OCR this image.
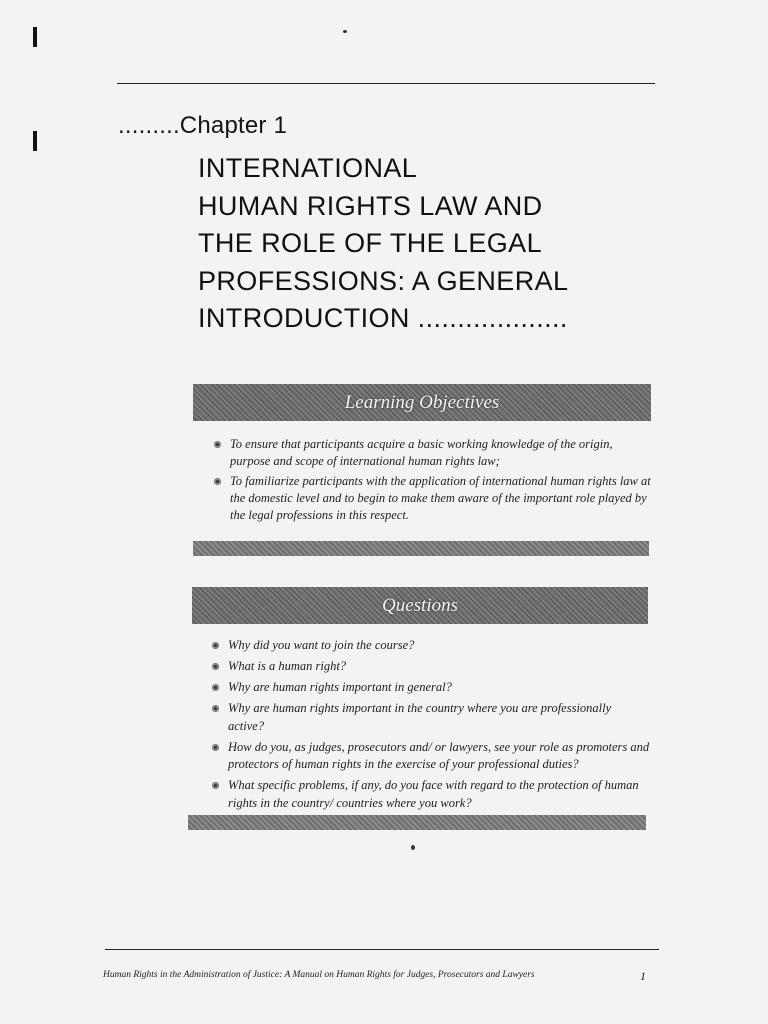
.........Chapter 1
INTERNATIONAL
HUMAN RIGHTS LAW AND
THE ROLE OF THE LEGAL
PROFESSIONS: A GENERAL
INTRODUCTION ...................
Learning Objectives
To ensure that participants acquire a basic working knowledge of the origin, purpose and scope of international human rights law;
To familiarize participants with the application of international human rights law at the domestic level and to begin to make them aware of the important role played by the legal professions in this respect.
Questions
Why did you want to join the course?
What is a human right?
Why are human rights important in general?
Why are human rights important in the country where you are professionally active?
How do you, as judges, prosecutors and/ or lawyers, see your role as promoters and protectors of human rights in the exercise of your professional duties?
What specific problems, if any, do you face with regard to the protection of human rights in the country/ countries where you work?
Human Rights in the Administration of Justice: A Manual on Human Rights for Judges, Prosecutors and Lawyers	1
